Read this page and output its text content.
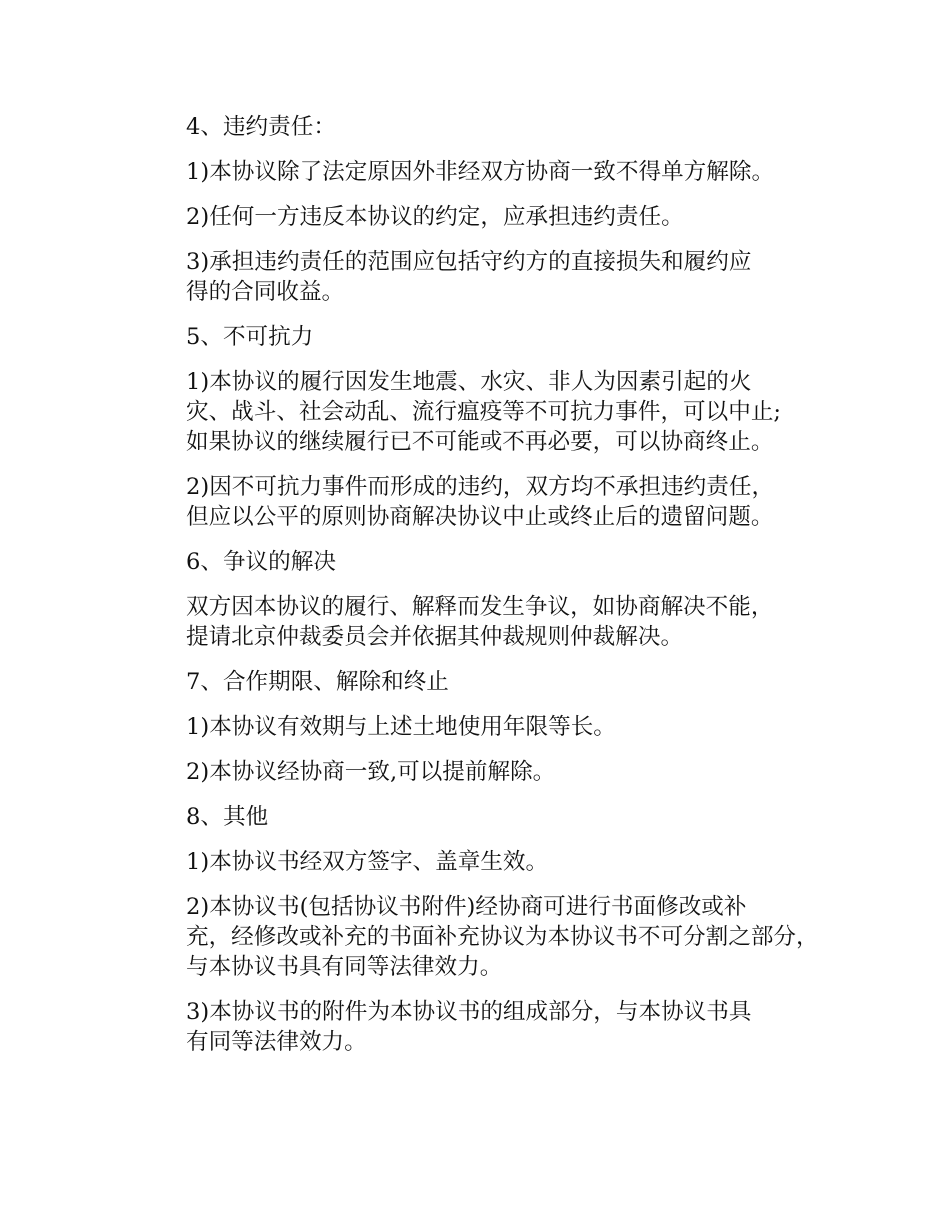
4、违约责任：

1)本协议除了法定原因外非经双方协商一致不得单方解除。

2)任何一方违反本协议的约定，应承担违约责任。

3)承担违约责任的范围应包括守约方的直接损失和履约应
得的合同收益。

5、不可抗力

1)本协议的履行因发生地震、水灾、非人为因素引起的火
灾、战斗、社会动乱、流行瘟疫等不可抗力事件，可以中止;
如果协议的继续履行已不可能或不再必要，可以协商终止。

2)因不可抗力事件而形成的违约，双方均不承担违约责任，
但应以公平的原则协商解决协议中止或终止后的遗留问题。

6、争议的解决

双方因本协议的履行、解释而发生争议，如协商解决不能，
提请北京仲裁委员会并依据其仲裁规则仲裁解决。

7、合作期限、解除和终止

1)本协议有效期与上述土地使用年限等长。

2)本协议经协商一致,可以提前解除。

8、其他

1)本协议书经双方签字、盖章生效。

2)本协议书(包括协议书附件)经协商可进行书面修改或补
充，经修改或补充的书面补充协议为本协议书不可分割之部分，
与本协议书具有同等法律效力。

3)本协议书的附件为本协议书的组成部分，与本协议书具
有同等法律效力。
